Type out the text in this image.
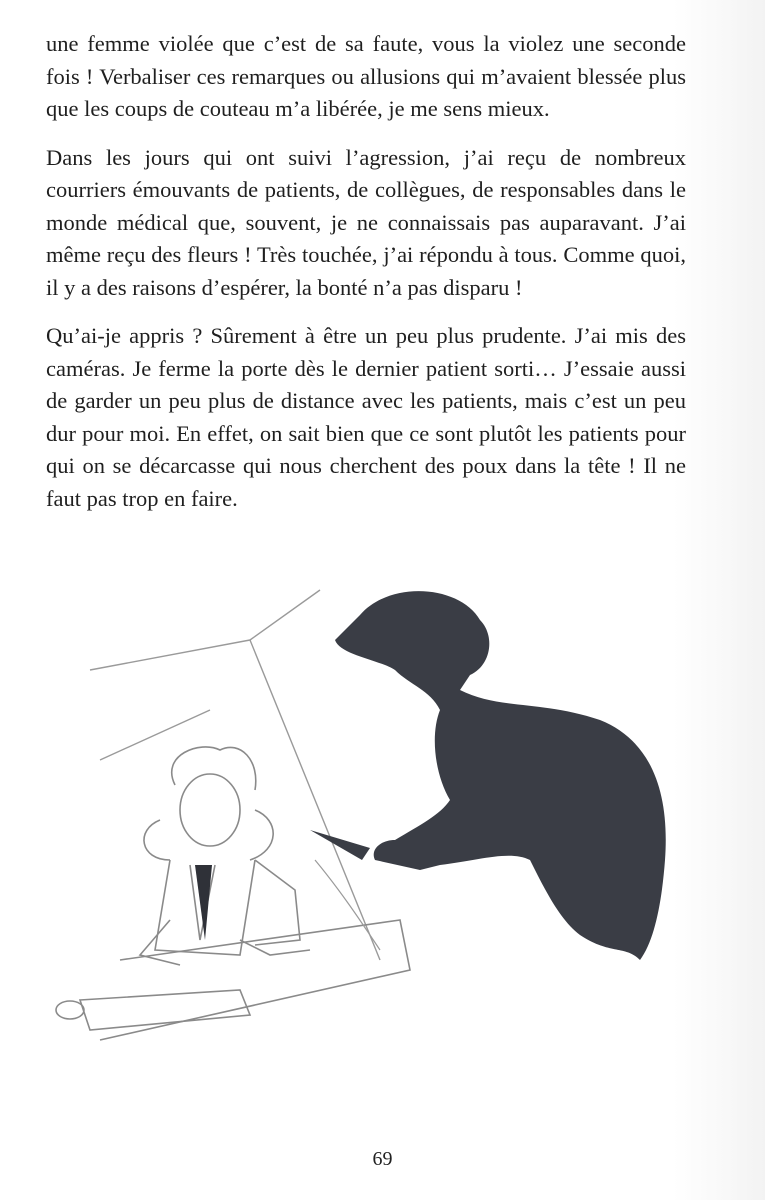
une femme violée que c’est de sa faute, vous la violez une seconde fois ! Verbaliser ces remarques ou allusions qui m’avaient blessée plus que les coups de couteau m’a libérée, je me sens mieux.

Dans les jours qui ont suivi l’agression, j’ai reçu de nombreux courriers émouvants de patients, de collègues, de responsables dans le monde médical que, souvent, je ne connaissais pas auparavant. J’ai même reçu des fleurs ! Très touchée, j’ai répondu à tous. Comme quoi, il y a des raisons d’espérer, la bonté n’a pas disparu !

Qu’ai-je appris ? Sûrement à être un peu plus prudente. J’ai mis des caméras. Je ferme la porte dès le dernier patient sorti… J’essaie aussi de garder un peu plus de distance avec les patients, mais c’est un peu dur pour moi. En effet, on sait bien que ce sont plutôt les patients pour qui on se décarcasse qui nous cherchent des poux dans la tête ! Il ne faut pas trop en faire.

69
